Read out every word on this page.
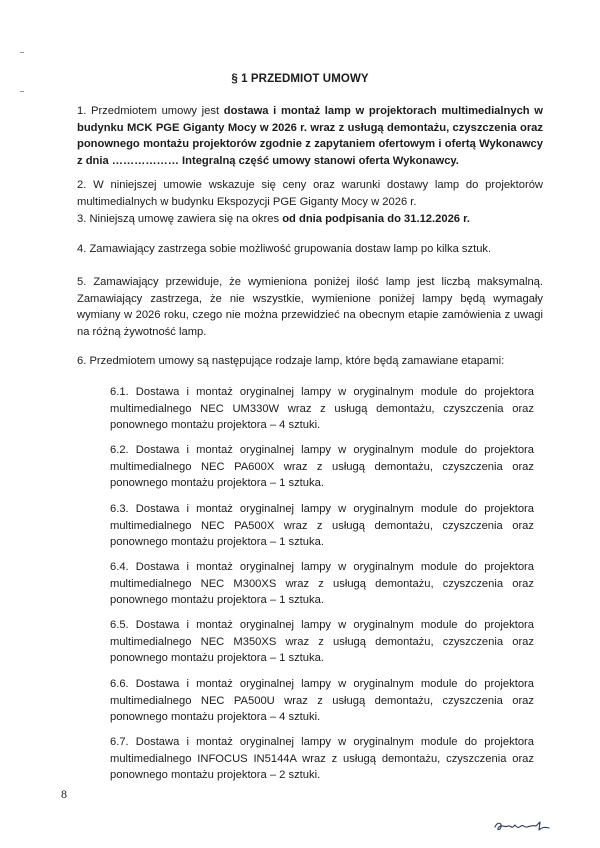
§ 1 PRZEDMIOT UMOWY

1. Przedmiotem umowy jest dostawa i montaż lamp w projektorach multimedialnych w budynku MCK PGE Giganty Mocy w 2026 r. wraz z usługą demontażu, czyszczenia oraz ponownego montażu projektorów zgodnie z zapytaniem ofertowym i ofertą Wykonawcy z dnia ……………… Integralną część umowy stanowi oferta Wykonawcy.

2. W niniejszej umowie wskazuje się ceny oraz warunki dostawy lamp do projektorów multimedialnych w budynku Ekspozycji PGE Giganty Mocy w 2026 r.

3. Niniejszą umowę zawiera się na okres od dnia podpisania do 31.12.2026 r.

4. Zamawiający zastrzega sobie możliwość grupowania dostaw lamp po kilka sztuk.

5. Zamawiający przewiduje, że wymieniona poniżej ilość lamp jest liczbą maksymalną. Zamawiający zastrzega, że nie wszystkie, wymienione poniżej lampy będą wymagały wymiany w 2026 roku, czego nie można przewidzieć na obecnym etapie zamówienia z uwagi na różną żywotność lamp.

6. Przedmiotem umowy są następujące rodzaje lamp, które będą zamawiane etapami:

6.1. Dostawa i montaż oryginalnej lampy w oryginalnym module do projektora multimedialnego NEC UM330W wraz z usługą demontażu, czyszczenia oraz ponownego montażu projektora – 4 sztuki.

6.2. Dostawa i montaż oryginalnej lampy w oryginalnym module do projektora multimedialnego NEC PA600X wraz z usługą demontażu, czyszczenia oraz ponownego montażu projektora – 1 sztuka.

6.3. Dostawa i montaż oryginalnej lampy w oryginalnym module do projektora multimedialnego NEC PA500X wraz z usługą demontażu, czyszczenia oraz ponownego montażu projektora – 1 sztuka.

6.4. Dostawa i montaż oryginalnej lampy w oryginalnym module do projektora multimedialnego NEC M300XS wraz z usługą demontażu, czyszczenia oraz ponownego montażu projektora – 1 sztuka.

6.5. Dostawa i montaż oryginalnej lampy w oryginalnym module do projektora multimedialnego NEC M350XS wraz z usługą demontażu, czyszczenia oraz ponownego montażu projektora – 1 sztuka.

6.6. Dostawa i montaż oryginalnej lampy w oryginalnym module do projektora multimedialnego NEC PA500U wraz z usługą demontażu, czyszczenia oraz ponownego montażu projektora – 4 sztuki.

6.7. Dostawa i montaż oryginalnej lampy w oryginalnym module do projektora multimedialnego INFOCUS IN5144A wraz z usługą demontażu, czyszczenia oraz ponownego montażu projektora – 2 sztuki.

8
